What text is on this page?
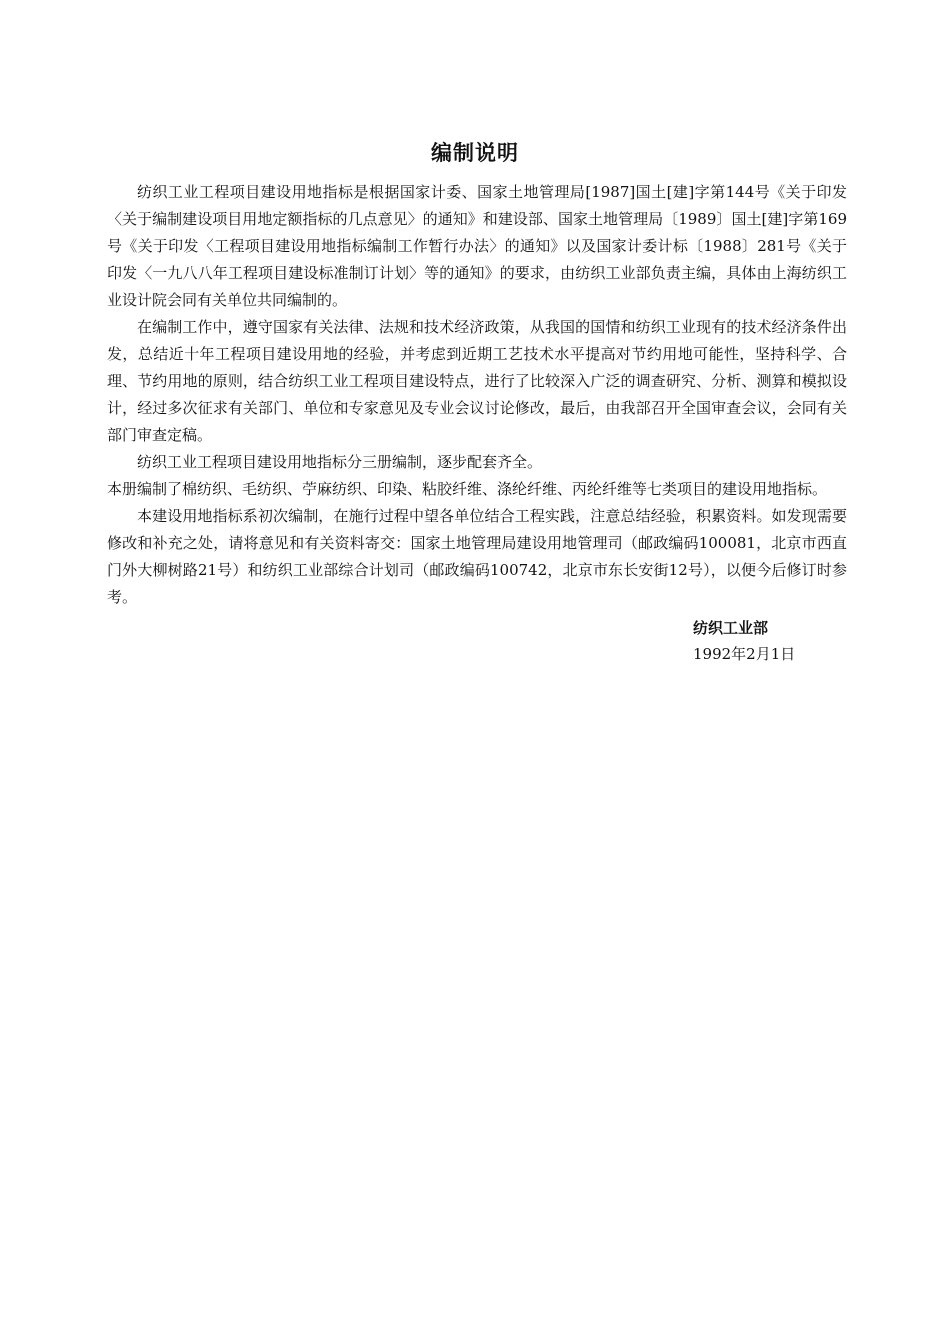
编制说明

纺织工业工程项目建设用地指标是根据国家计委、国家土地管理局[1987]国土[建]字第144号《关于印发〈关于编制建设项目用地定额指标的几点意见〉的通知》和建设部、国家土地管理局〔1989〕国土[建]字第169号《关于印发〈工程项目建设用地指标编制工作暂行办法〉的通知》以及国家计委计标〔1988〕281号《关于印发〈一九八八年工程项目建设标准制订计划〉等的通知》的要求，由纺织工业部负责主编，具体由上海纺织工业设计院会同有关单位共同编制的。

在编制工作中，遵守国家有关法律、法规和技术经济政策，从我国的国情和纺织工业现有的技术经济条件出发，总结近十年工程项目建设用地的经验，并考虑到近期工艺技术水平提高对节约用地可能性，坚持科学、合理、节约用地的原则，结合纺织工业工程项目建设特点，进行了比较深入广泛的调查研究、分析、测算和模拟设计，经过多次征求有关部门、单位和专家意见及专业会议讨论修改，最后，由我部召开全国审查会议，会同有关部门审查定稿。

纺织工业工程项目建设用地指标分三册编制，逐步配套齐全。

本册编制了棉纺织、毛纺织、苧麻纺织、印染、粘胶纤维、涤纶纤维、丙纶纤维等七类项目的建设用地指标。

本建设用地指标系初次编制，在施行过程中望各单位结合工程实践，注意总结经验，积累资料。如发现需要修改和补充之处，请将意见和有关资料寄交：国家土地管理局建设用地管理司（邮政编码100081，北京市西直门外大柳树路21号）和纺织工业部综合计划司（邮政编码100742，北京市东长安街12号），以便今后修订时参考。

纺织工业部
1992年2月1日
